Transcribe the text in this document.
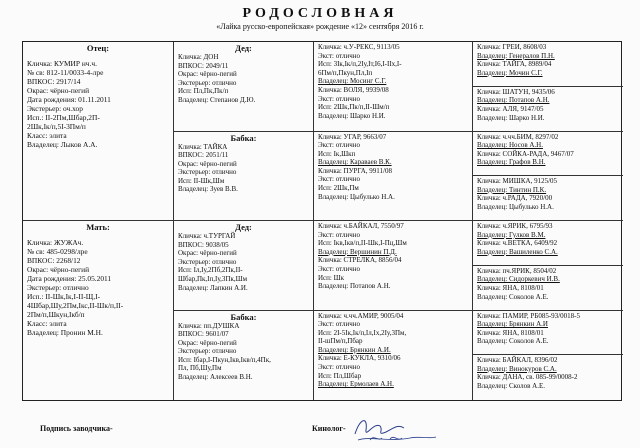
РОДОСЛОВНАЯ
«Лайка русско-европейская» рождение «12» сентября 2016 г.
Отец:
Кличка: КУМИР нч.ч.
№ св: 812-11/0033-4-лре
ВПКОС: 2917/14
Окрас: чёрно-пегий
Дата рождения: 01.11.2011
Экстерьер: оч.хор
Исп.: II-2Пм,Шбар,2П-
2Шк,Iк/п,5I-3Пм/п
Класс: элита
Владелец: Лыков А.А.
Мать:
Кличка: ЖУЖАч.
№ св: 485-0298/лре
ВПКОС: 2268/12
Окрас: чёрно-пегий
Дата рождения: 25.05.2011
Экстерьер: отлично
Исп.: II-Шк,Iк,I-II-Щ,I-
4Шбар,Шу,2Пм,Iкс,II-Шк/п,II-
2Пм/п,Шкун,Iкб/п
Класс: элита
Владелец: Пронин М.Н.
Дед:
Кличка: ДОН
ВПКОС: 2049/11
Окрас: чёрно-пегий
Экстерьер: отлично
Исп: Пл,Пк,Пк/п
Владелец: Степанов Д.Ю.
Бабка:
Кличка: ТАЙКА
ВПКОС: 2051/11
Окрас: чёрно-пегий
Экстерьер: отлично
Исп: II-Шк,Шм
Владелец: Зуев В.В.
Дед:
Кличка: ч.ТУРГАЙ
ВПКОС: 9038/05
Окрас: чёрно-пегий
Экстерьер: отлично
Исп: Iл,Iу,2Пб,2Пк,II-
Шбар,Пк,Iп,Iу,3Пк,Шм
Владелец: Лапкин А.И.
Бабка:
Кличка: пп.ДУШКА
ВПКОС: 9601/07
Окрас: чёрно-пегий
Экстерьер: отлично
Исп: Iбар,I-Пкун,Iкв,Iкв/п,4Пк,
Пл, Пб,Шу,Пм
Владелец: Алексеев В.Н.
Кличка: ч.У-РЕКС, 9113/05
Экст: отлично
Исп: 3Iк,Iк/п,2Iу,Iт,I6,I-IIх,I-
6Пм/п,Пкун,Пл,Iп
Владелец: Мосинг С.Г.
Кличка: ВОЛЯ, 9939/08
Экст: отлично
Исп: 2Шк,Пк/п,II-Шм/п
Владелец: Шарко Н.И.
Кличка: УГАР, 9663/07
Экст: отлично
Исп: Iк,Шкп
Владелец: Караваев В.К.
Кличка: ПУРГА, 9911/08
Экст: отлично
Исп: 2Шк,Пм
Владелец: Цыбулько Н.А.
Кличка: ч.БАЙКАЛ, 7550/97
Экст: отлично
Исп: Iкв,Iкв/п,II-Шк,I-Пц,Шм
Владелец: Вершинин П.Д.
Кличка: СТРЕЛКА, 8856/04
Экст: отлично
Исп: Шк
Владелец: Потапов А.Н.
Кличка: ч.чч.АМИР, 9005/04
Экст: отлично
Исп: 2I-5Iк,Iк/п,Iл,Iх,2Iу,3Пм,
II-шПм/п,Пбар
Владелец: Брянкин А.И.
Кличка: Е-КУКЛА, 9310/06
Экст: отлично
Исп: Пл,Шбар
Владелец: Ермолаев А.Н.
Кличка: ГРЕИ, 8608/03
Владелец: Генералов П.Н.
Кличка: ТАЙГА, 8989/04
Владелец: Мочин С.Г.
Кличка: ШАТУН, 9435/06
Владелец: Потапов А.Н.
Кличка: АЛЯ, 9147/05
Владелец: Шарко Н.И.
Кличка: ч.чч.БИМ, 8297/02
Владелец: Носов А.Н.
Кличка: СОЙКА-РАДА, 9467/07
Владелец: Графов В.Н.
Кличка: МИШКА, 9125/05
Владелец: Тинтин П.К.
Кличка: ч.РАДА, 7920/00
Владелец: Цыбулько Н.А.
Кличка: ч.ЯРИК, 6795/93
Владелец: Гулков В.М.
Кличка: ч.ВЕТКА, 6409/92
Владелец: Вашиленко С.А.
Кличка: пч.ЯРИК, 8504/02
Владелец: Сидоркевич И.В.
Кличка: ЯНА, 8108/01
Владелец: Соколов А.Е.
Кличка: ПАМИР, РБ085-93/0018-5
Владелец: Брянкин А.И
Кличка: ЯНА, 8108/01
Владелец: Соколов А.Е.
Кличка: БАЙКАЛ, 8396/02
Владелец: Винокуров С.А.
Кличка: ДАНА, св. 085-99/0008-2
Владелец: Сколов А.Е.
Подпись заводчика-	Кинолог-
